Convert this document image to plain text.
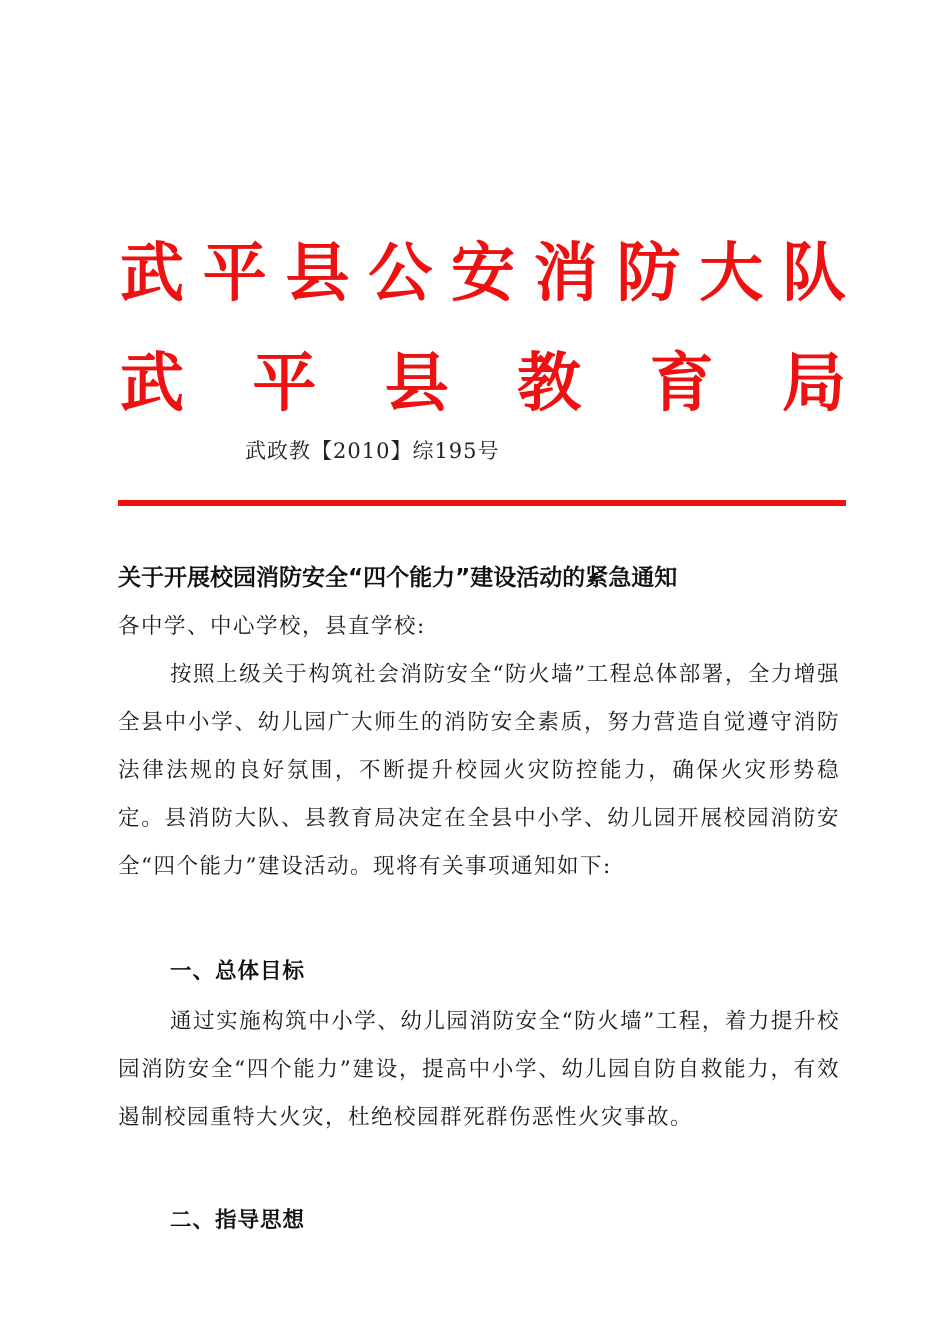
武 平 县 公 安 消 防 大 队
武 平 县 教 育 局
武政教【2010】综195号
关于开展校园消防安全“四个能力”建设活动的紧急通知
各中学、中心学校，县直学校:
按照上级关于构筑社会消防安全“防火墙”工程总体部署，全力增强全县中小学、幼儿园广大师生的消防安全素质，努力营造自觉遵守消防法律法规的良好氛围，不断提升校园火灾防控能力，确保火灾形势稳定。县消防大队、县教育局决定在全县中小学、幼儿园开展校园消防安全“四个能力”建设活动。现将有关事项通知如下:
一、总体目标
通过实施构筑中小学、幼儿园消防安全“防火墙”工程，着力提升校园消防安全“四个能力”建设，提高中小学、幼儿园自防自救能力，有效遏制校园重特大火灾，杜绝校园群死群伤恶性火灾事故。
二、指导思想
